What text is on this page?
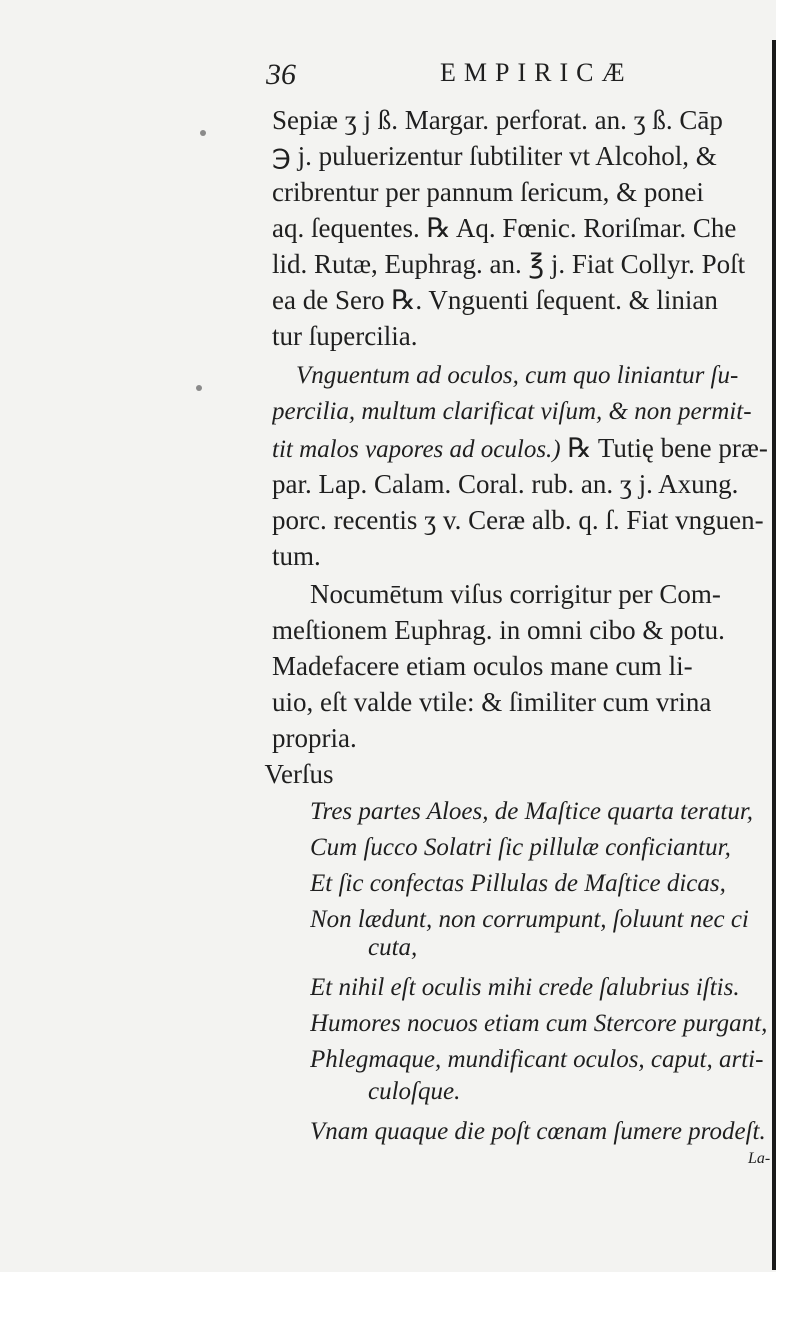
36	EMPIRICÆ
Sepiæ ʒ j ß. Margar. perforat. an. ʒ ß. Cāp
℈ j. puluerizentur ſubtiliter vt Alcohol, &
cribrentur per pannum ſericum, & ponei
aq. ſequentes. ℞ Aq. Fœnic. Roriſmar. Che
lid. Rutæ, Euphrag. an. ℥ j. Fiat Collyr. Poſt
ea de Sero ℞. Vnguenti ſequent. & linian
tur ſupercilia.
Vnguentum ad oculos, cum quo liniantur ſu-
percilia, multum clarificat viſum, & non permit-
tit malos vapores ad oculos.) ℞ Tutię bene præ-
par. Lap. Calam. Coral. rub. an. ʒ j. Axung.
porc. recentis ʒ v. Ceræ alb. q. ſ. Fiat vnguen-
tum.
Nocumētum viſus corrigitur per Com-
meſtionem Euphrag. in omni cibo & potu.
Madefacere etiam oculos mane cum li-
uio, eſt valde vtile: & ſimiliter cum vrina
propria.
Verſus
Tres partes Aloes, de Maſtice quarta teratur,
Cum ſucco Solatri ſic pillulæ conficiantur,
Et ſic confectas Pillulas de Maſtice dicas,
Non lædunt, non corrumpunt, ſoluunt nec ci
cuta,
Et nihil eſt oculis mihi crede ſalubrius iſtis.
Humores nocuos etiam cum Stercore purgant,
Phlegmaque, mundificant oculos, caput, arti-
culoſque.
Vnam quaque die poſt cœnam ſumere prodeſt.
La-
